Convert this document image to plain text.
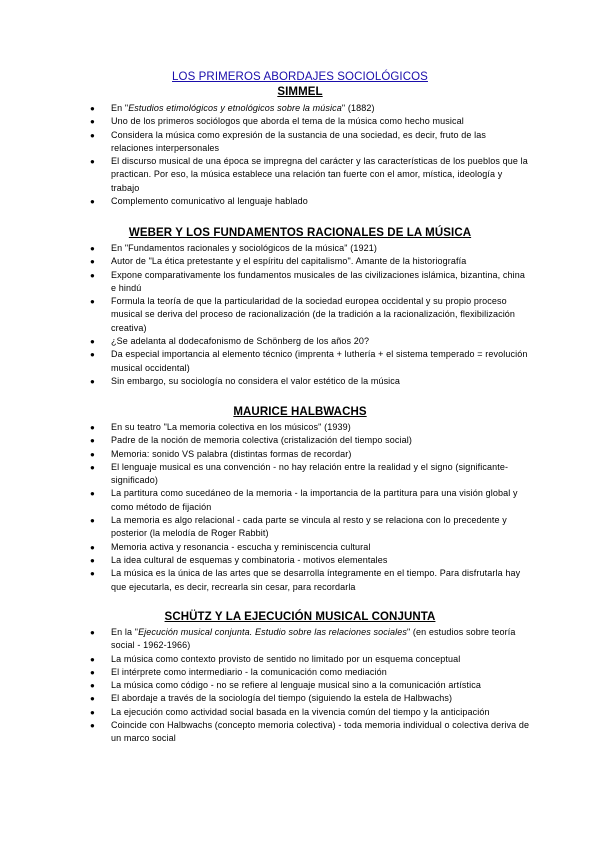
LOS PRIMEROS ABORDAJES SOCIOLÓGICOS
SIMMEL
●	En "Estudios etimológicos y etnológicos sobre la música" (1882)
●	Uno de los primeros sociólogos que aborda el tema de la música como hecho musical
●	Considera la música como expresión de la sustancia de una sociedad, es decir, fruto de las relaciones interpersonales
●	El discurso musical de una época se impregna del carácter y las características de los pueblos que la practican. Por eso, la música establece una relación tan fuerte con el amor, mística, ideología y trabajo
●	Complemento comunicativo al lenguaje hablado
WEBER Y LOS FUNDAMENTOS RACIONALES DE LA MÚSICA
●	En "Fundamentos racionales y sociológicos de la música" (1921)
●	Autor de "La ética pretestante y el espíritu del capitalismo". Amante de la historiografía
●	Expone comparativamente los fundamentos musicales de las civilizaciones islámica, bizantina, china e hindú
●	Formula la teoría de que la particularidad de la sociedad europea occidental y su propio proceso musical se deriva del proceso de racionalización (de la tradición a la racionalización, flexibilización creativa)
●	¿Se adelanta al dodecafonismo de Schönberg de los años 20?
●	Da especial importancia al elemento técnico (imprenta + luthería + el sistema temperado = revolución musical occidental)
●	Sin embargo, su sociología no considera el valor estético de la música
MAURICE HALBWACHS
●	En su teatro "La memoria colectiva en los músicos" (1939)
●	Padre de la noción de memoria colectiva (cristalización del tiempo social)
●	Memoria: sonido VS palabra (distintas formas de recordar)
●	El lenguaje musical es una convención - no hay relación entre la realidad y el signo (significante-significado)
●	La partitura como sucedáneo de la memoria - la importancia de la partitura para una visión global y como método de fijación
●	La memoria es algo relacional - cada parte se vincula al resto y se relaciona con lo precedente y posterior (la melodía de Roger Rabbit)
●	Memoria activa y resonancia - escucha y reminiscencia cultural
●	La idea cultural de esquemas y combinatoria - motivos elementales
●	La música es la única de las artes que se desarrolla íntegramente en el tiempo. Para disfrutarla hay que ejecutarla, es decir, recrearla sin cesar, para recordarla
SCHÜTZ Y LA EJECUCIÓN MUSICAL CONJUNTA
●	En la "Ejecución musical conjunta. Estudio sobre las relaciones sociales" (en estudios sobre teoría social - 1962-1966)
●	La música como contexto provisto de sentido no limitado por un esquema conceptual
●	El intérprete como intermediario - la comunicación como mediación
●	La música como código - no se refiere al lenguaje musical sino a la comunicación artística
●	El abordaje a través de la sociología del tiempo (siguiendo la estela de Halbwachs)
●	La ejecución como actividad social basada en la vivencia común del tiempo y la anticipación
●	Coincide con Halbwachs (concepto memoria colectiva) - toda memoria individual o colectiva deriva de un marco social
